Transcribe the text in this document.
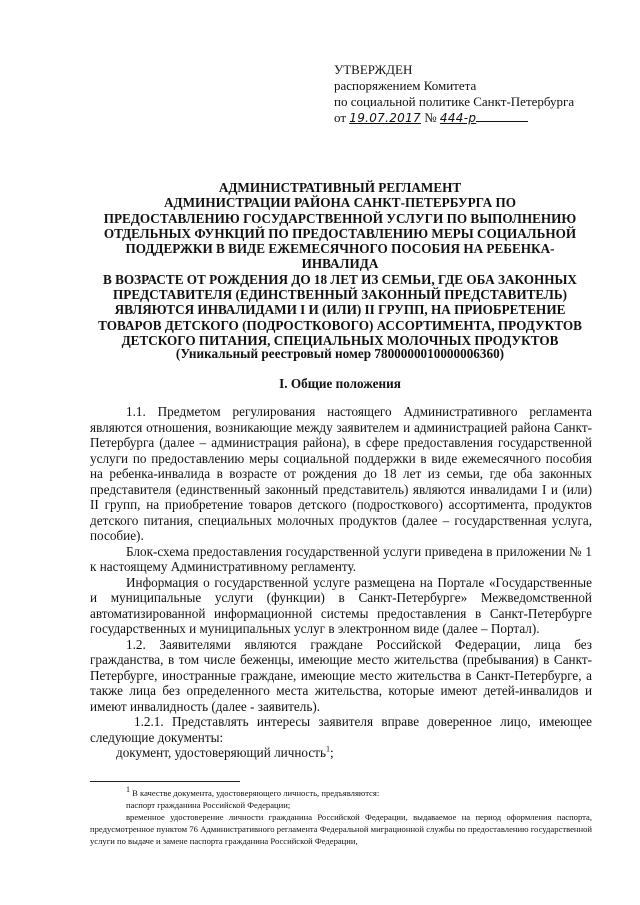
УТВЕРЖДЕН
распоряжением Комитета
по социальной политике Санкт-Петербурга
от 19.07.2017 № 444-р
АДМИНИСТРАТИВНЫЙ РЕГЛАМЕНТ
АДМИНИСТРАЦИИ РАЙОНА САНКТ-ПЕТЕРБУРГА ПО
ПРЕДОСТАВЛЕНИЮ ГОСУДАРСТВЕННОЙ УСЛУГИ ПО ВЫПОЛНЕНИЮ
ОТДЕЛЬНЫХ ФУНКЦИЙ ПО ПРЕДОСТАВЛЕНИЮ МЕРЫ СОЦИАЛЬНОЙ
ПОДДЕРЖКИ В ВИДЕ ЕЖЕМЕСЯЧНОГО ПОСОБИЯ НА РЕБЕНКА-ИНВАЛИДА
В ВОЗРАСТЕ ОТ РОЖДЕНИЯ ДО 18 ЛЕТ ИЗ СЕМЬИ, ГДЕ ОБА ЗАКОННЫХ
ПРЕДСТАВИТЕЛЯ (ЕДИНСТВЕННЫЙ ЗАКОННЫЙ ПРЕДСТАВИТЕЛЬ)
ЯВЛЯЮТСЯ ИНВАЛИДАМИ I И (ИЛИ) II ГРУПП, НА ПРИОБРЕТЕНИЕ
ТОВАРОВ ДЕТСКОГО (ПОДРОСТКОВОГО) АССОРТИМЕНТА, ПРОДУКТОВ
ДЕТСКОГО ПИТАНИЯ, СПЕЦИАЛЬНЫХ МОЛОЧНЫХ ПРОДУКТОВ
(Уникальный реестровый номер 7800000010000006360)
I. Общие положения

1.1. Предметом регулирования настоящего Административного регламента являются отношения, возникающие между заявителем и администрацией района Санкт-Петербурга (далее – администрация района), в сфере предоставления государственной услуги по предоставлению меры социальной поддержки в виде ежемесячного пособия на ребенка-инвалида в возрасте от рождения до 18 лет из семьи, где оба законных представителя (единственный законный представитель) являются инвалидами I и (или) II групп, на приобретение товаров детского (подросткового) ассортимента, продуктов детского питания, специальных молочных продуктов (далее – государственная услуга, пособие).

Блок-схема предоставления государственной услуги приведена в приложении № 1 к настоящему Административному регламенту.

Информация о государственной услуге размещена на Портале «Государственные и муниципальные услуги (функции) в Санкт-Петербурге» Межведомственной автоматизированной информационной системы предоставления в Санкт-Петербурге государственных и муниципальных услуг в электронном виде (далее – Портал).

1.2. Заявителями являются граждане Российской Федерации, лица без гражданства, в том числе беженцы, имеющие место жительства (пребывания) в Санкт-Петербурге, иностранные граждане, имеющие место жительства в Санкт-Петербурге, а также лица без определенного места жительства, которые имеют детей-инвалидов и имеют инвалидность (далее - заявитель).

1.2.1. Представлять интересы заявителя вправе доверенное лицо, имеющее следующие документы:

документ, удостоверяющий личность$^1$;

1 В качестве документа, удостоверяющего личность, предъявляются:

паспорт гражданина Российской Федерации;

временное удостоверение личности гражданина Российской Федерации, выдаваемое на период оформления паспорта, предусмотренное пунктом 76 Административного регламента Федеральной миграционной службы по предоставлению государственной услуги по выдаче и замене паспорта гражданина Российской Федерации,
